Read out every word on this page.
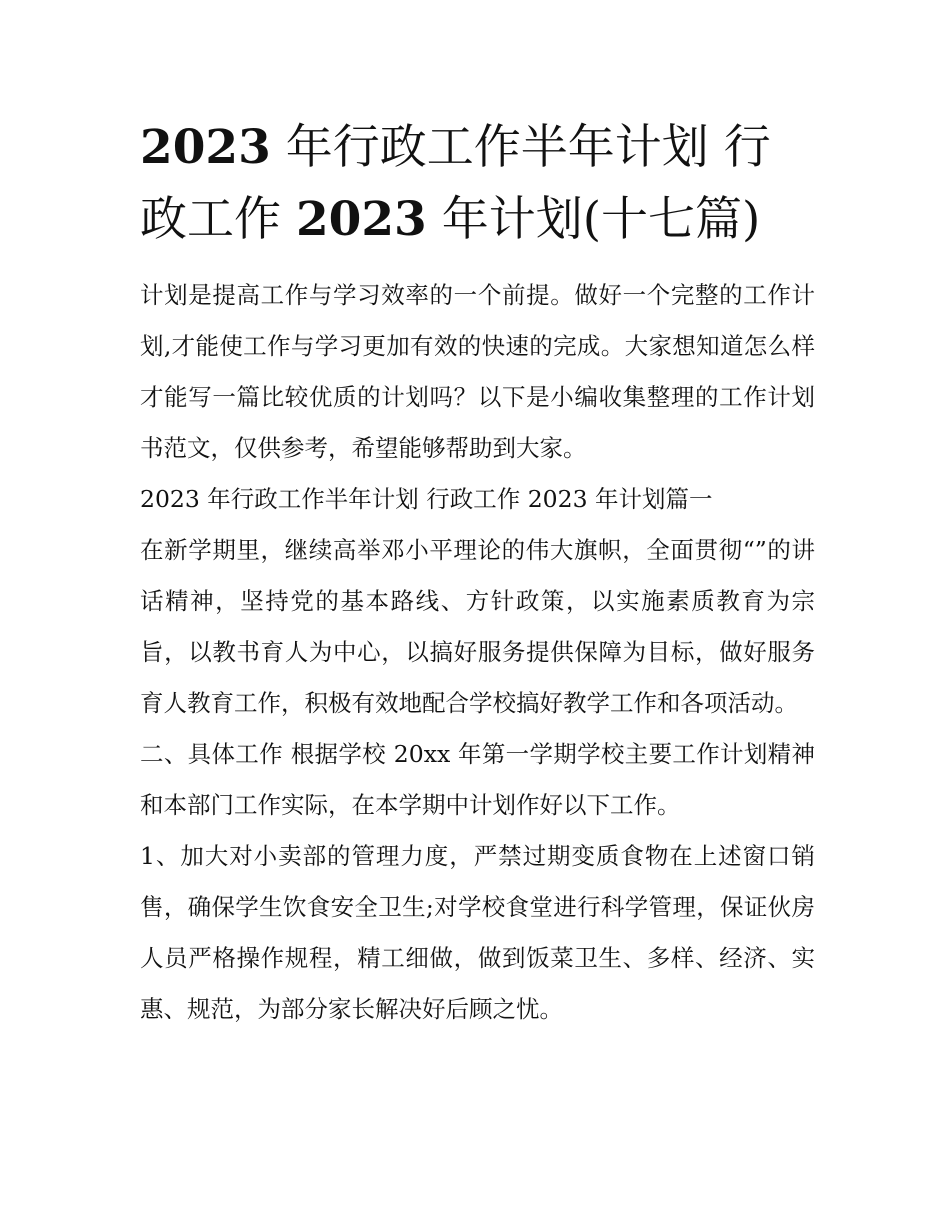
2023 年行政工作半年计划 行
政工作 2023 年计划(十七篇)

计划是提高工作与学习效率的一个前提。做好一个完整的工作计划,才能使工作与学习更加有效的快速的完成。大家想知道怎么样才能写一篇比较优质的计划吗？以下是小编收集整理的工作计划书范文，仅供参考，希望能够帮助到大家。

2023 年行政工作半年计划 行政工作 2023 年计划篇一

在新学期里，继续高举邓小平理论的伟大旗帜，全面贯彻“”的讲话精神，坚持党的基本路线、方针政策，以实施素质教育为宗旨，以教书育人为中心，以搞好服务提供保障为目标，做好服务育人教育工作，积极有效地配合学校搞好教学工作和各项活动。

二、具体工作 根据学校 20xx 年第一学期学校主要工作计划精神和本部门工作实际，在本学期中计划作好以下工作。

1、加大对小卖部的管理力度，严禁过期变质食物在上述窗口销售，确保学生饮食安全卫生;对学校食堂进行科学管理，保证伙房人员严格操作规程，精工细做，做到饭菜卫生、多样、经济、实惠、规范，为部分家长解决好后顾之忧。
